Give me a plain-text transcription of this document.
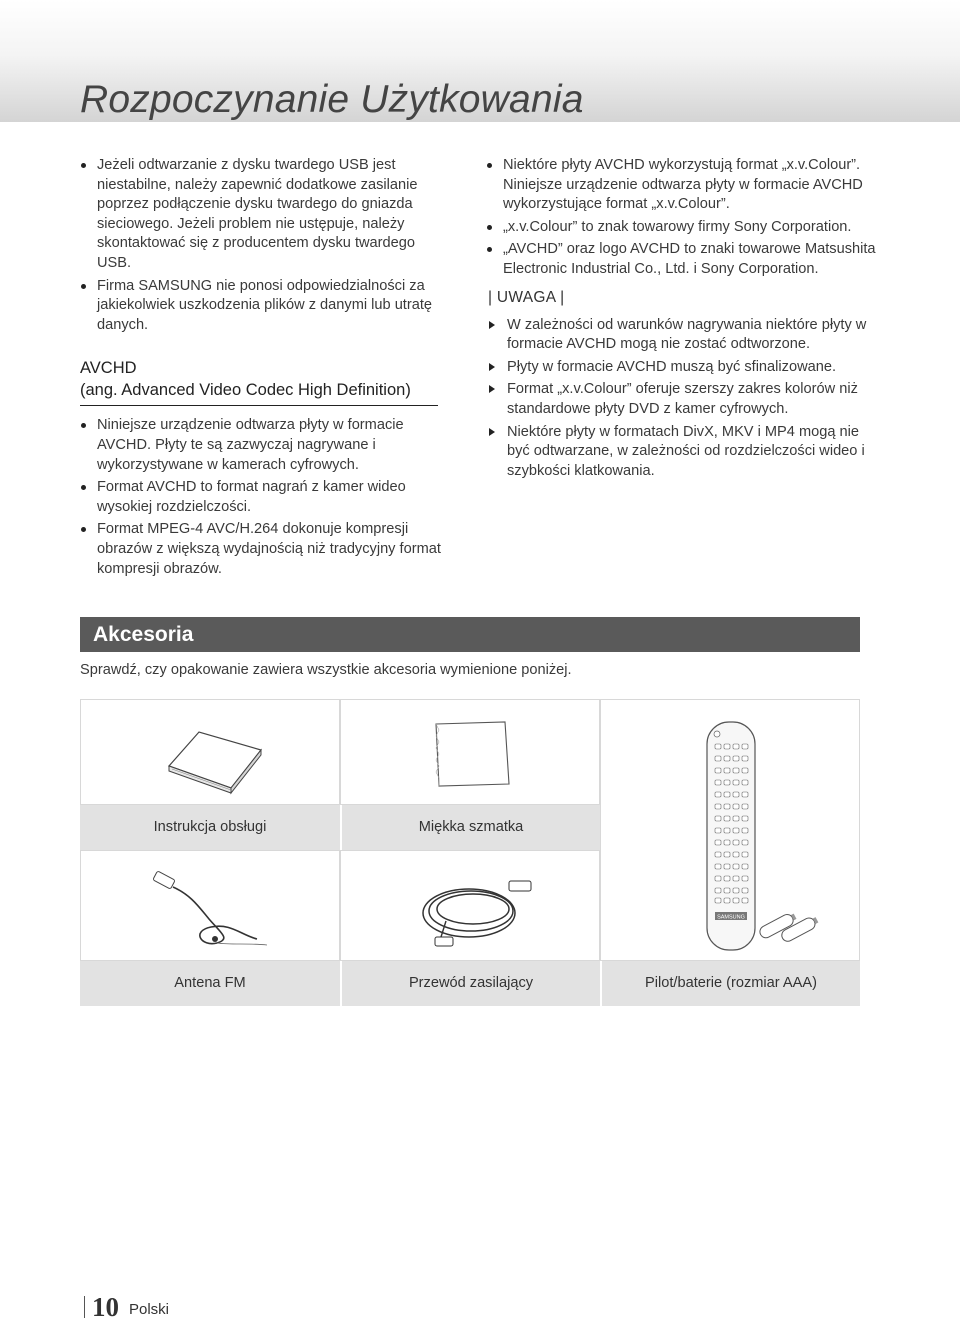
Rozpoczynanie Użytkowania
Jeżeli odtwarzanie z dysku twardego USB jest niestabilne, należy zapewnić dodatkowe zasilanie poprzez podłączenie dysku twardego do gniazda sieciowego. Jeżeli problem nie ustępuje, należy skontaktować się z producentem dysku twardego USB.
Firma SAMSUNG nie ponosi odpowiedzialności za jakiekolwiek uszkodzenia plików z danymi lub utratę danych.
AVCHD
(ang. Advanced Video Codec High Definition)
Niniejsze urządzenie odtwarza płyty w formacie AVCHD. Płyty te są zazwyczaj nagrywane i wykorzystywane w kamerach cyfrowych.
Format AVCHD to format nagrań z kamer wideo wysokiej rozdzielczości.
Format MPEG-4 AVC/H.264 dokonuje kompresji obrazów z większą wydajnością niż tradycyjny format kompresji obrazów.
Niektóre płyty AVCHD wykorzystują format „x.v.Colour”. Niniejsze urządzenie odtwarza płyty w formacie AVCHD wykorzystujące format „x.v.Colour”.
„x.v.Colour” to znak towarowy firmy Sony Corporation.
„AVCHD” oraz logo AVCHD to znaki towarowe Matsushita Electronic Industrial Co., Ltd. i Sony Corporation.
| UWAGA |
W zależności od warunków nagrywania niektóre płyty w formacie AVCHD mogą nie zostać odtworzone.
Płyty w formacie AVCHD muszą być sfinalizowane.
Format „x.v.Colour” oferuje szerszy zakres kolorów niż standardowe płyty DVD z kamer cyfrowych.
Niektóre płyty w formatach DivX, MKV i MP4 mogą nie być odtwarzane, w zależności od rozdzielczości wideo i szybkości klatkowania.
Akcesoria
Sprawdź, czy opakowanie zawiera wszystkie akcesoria wymienione poniżej.
SAMSUNG
Instrukcja obsługi	Miękka szmatka
Antena FM	Przewód zasilający	Pilot/baterie (rozmiar AAA)
10 Polski
